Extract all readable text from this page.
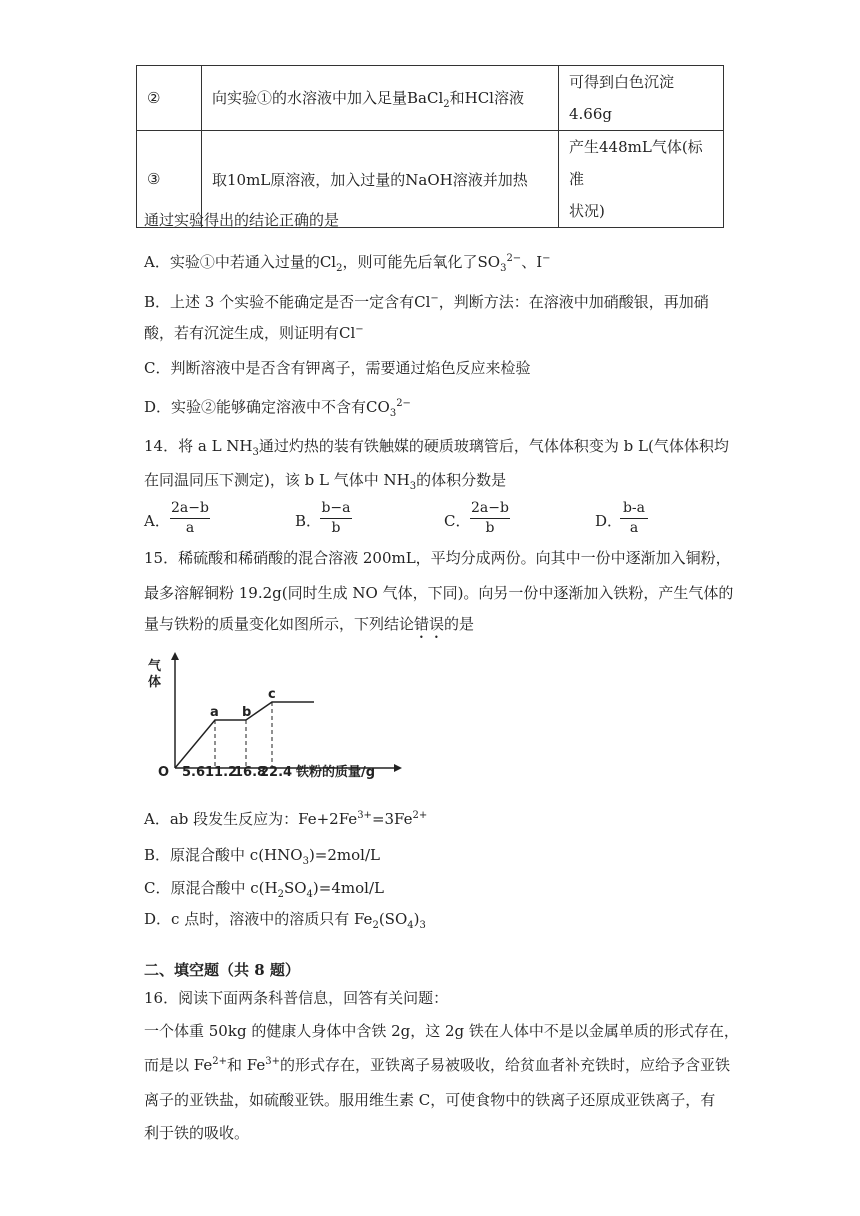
②	向实验①的水溶液中加入足量BaCl$_2$和HCl溶液	可得到白色沉淀4.66g
③	取10mL原溶液，加入过量的NaOH溶液并加热	产生448mL气体(标准
状况)
通过实验得出的结论正确的是
A．实验①中若通入过量的$Cl_2$，则可能先后氧化了$SO_3^{2-}$、I−
B．上述 3 个实验不能确定是否一定含有Cl−，判断方法：在溶液中加硝酸银，再加硝
酸，若有沉淀生成，则证明有Cl−
C．判断溶液中是否含有钾离子，需要通过焰色反应来检验
D．实验②能够确定溶液中不含有$CO_3^{2-}$
14．将 a L $NH_3$通过灼热的装有铁触媒的硬质玻璃管后，气体体积变为 b L(气体体积均
在同温同压下测定)，该 b L 气体中 $NH_3$的体积分数是
A．
2a−b
a	B．
b−a
b	C．
2a−b
b	D．
b-a
a
15．稀硫酸和稀硝酸的混合溶液 200mL，平均分成两份。向其中一份中逐渐加入铜粉，
最多溶解铜粉 19.2g(同时生成 NO 气体，下同)。向另一份中逐渐加入铁粉，产生气体的
量与铁粉的质量变化如图所示，下列结论错误的是
气
体
a b
c
O 5.6 11.2
16.8
22.4 铁粉的质量/g
A．ab 段发生反应为：$Fe+2Fe^{3+}=3Fe^{2+}$
B．原混合酸中 $c(HNO_3)=2mol/L$
C．原混合酸中 $c(H_2SO_4)=4mol/L$
D．c 点时，溶液中的溶质只有 $Fe_2(SO_4)_3$
二、填空题（共 8 题）
16．阅读下面两条科普信息，回答有关问题：
一个体重 50kg 的健康人身体中含铁 2g，这 2g 铁在人体中不是以金属单质的形式存在，
而是以 $Fe^{2+}$和 $Fe^{3+}$的形式存在，亚铁离子易被吸收，给贫血者补充铁时，应给予含亚铁
离子的亚铁盐，如硫酸亚铁。服用维生素 C，可使食物中的铁离子还原成亚铁离子，有
利于铁的吸收。
